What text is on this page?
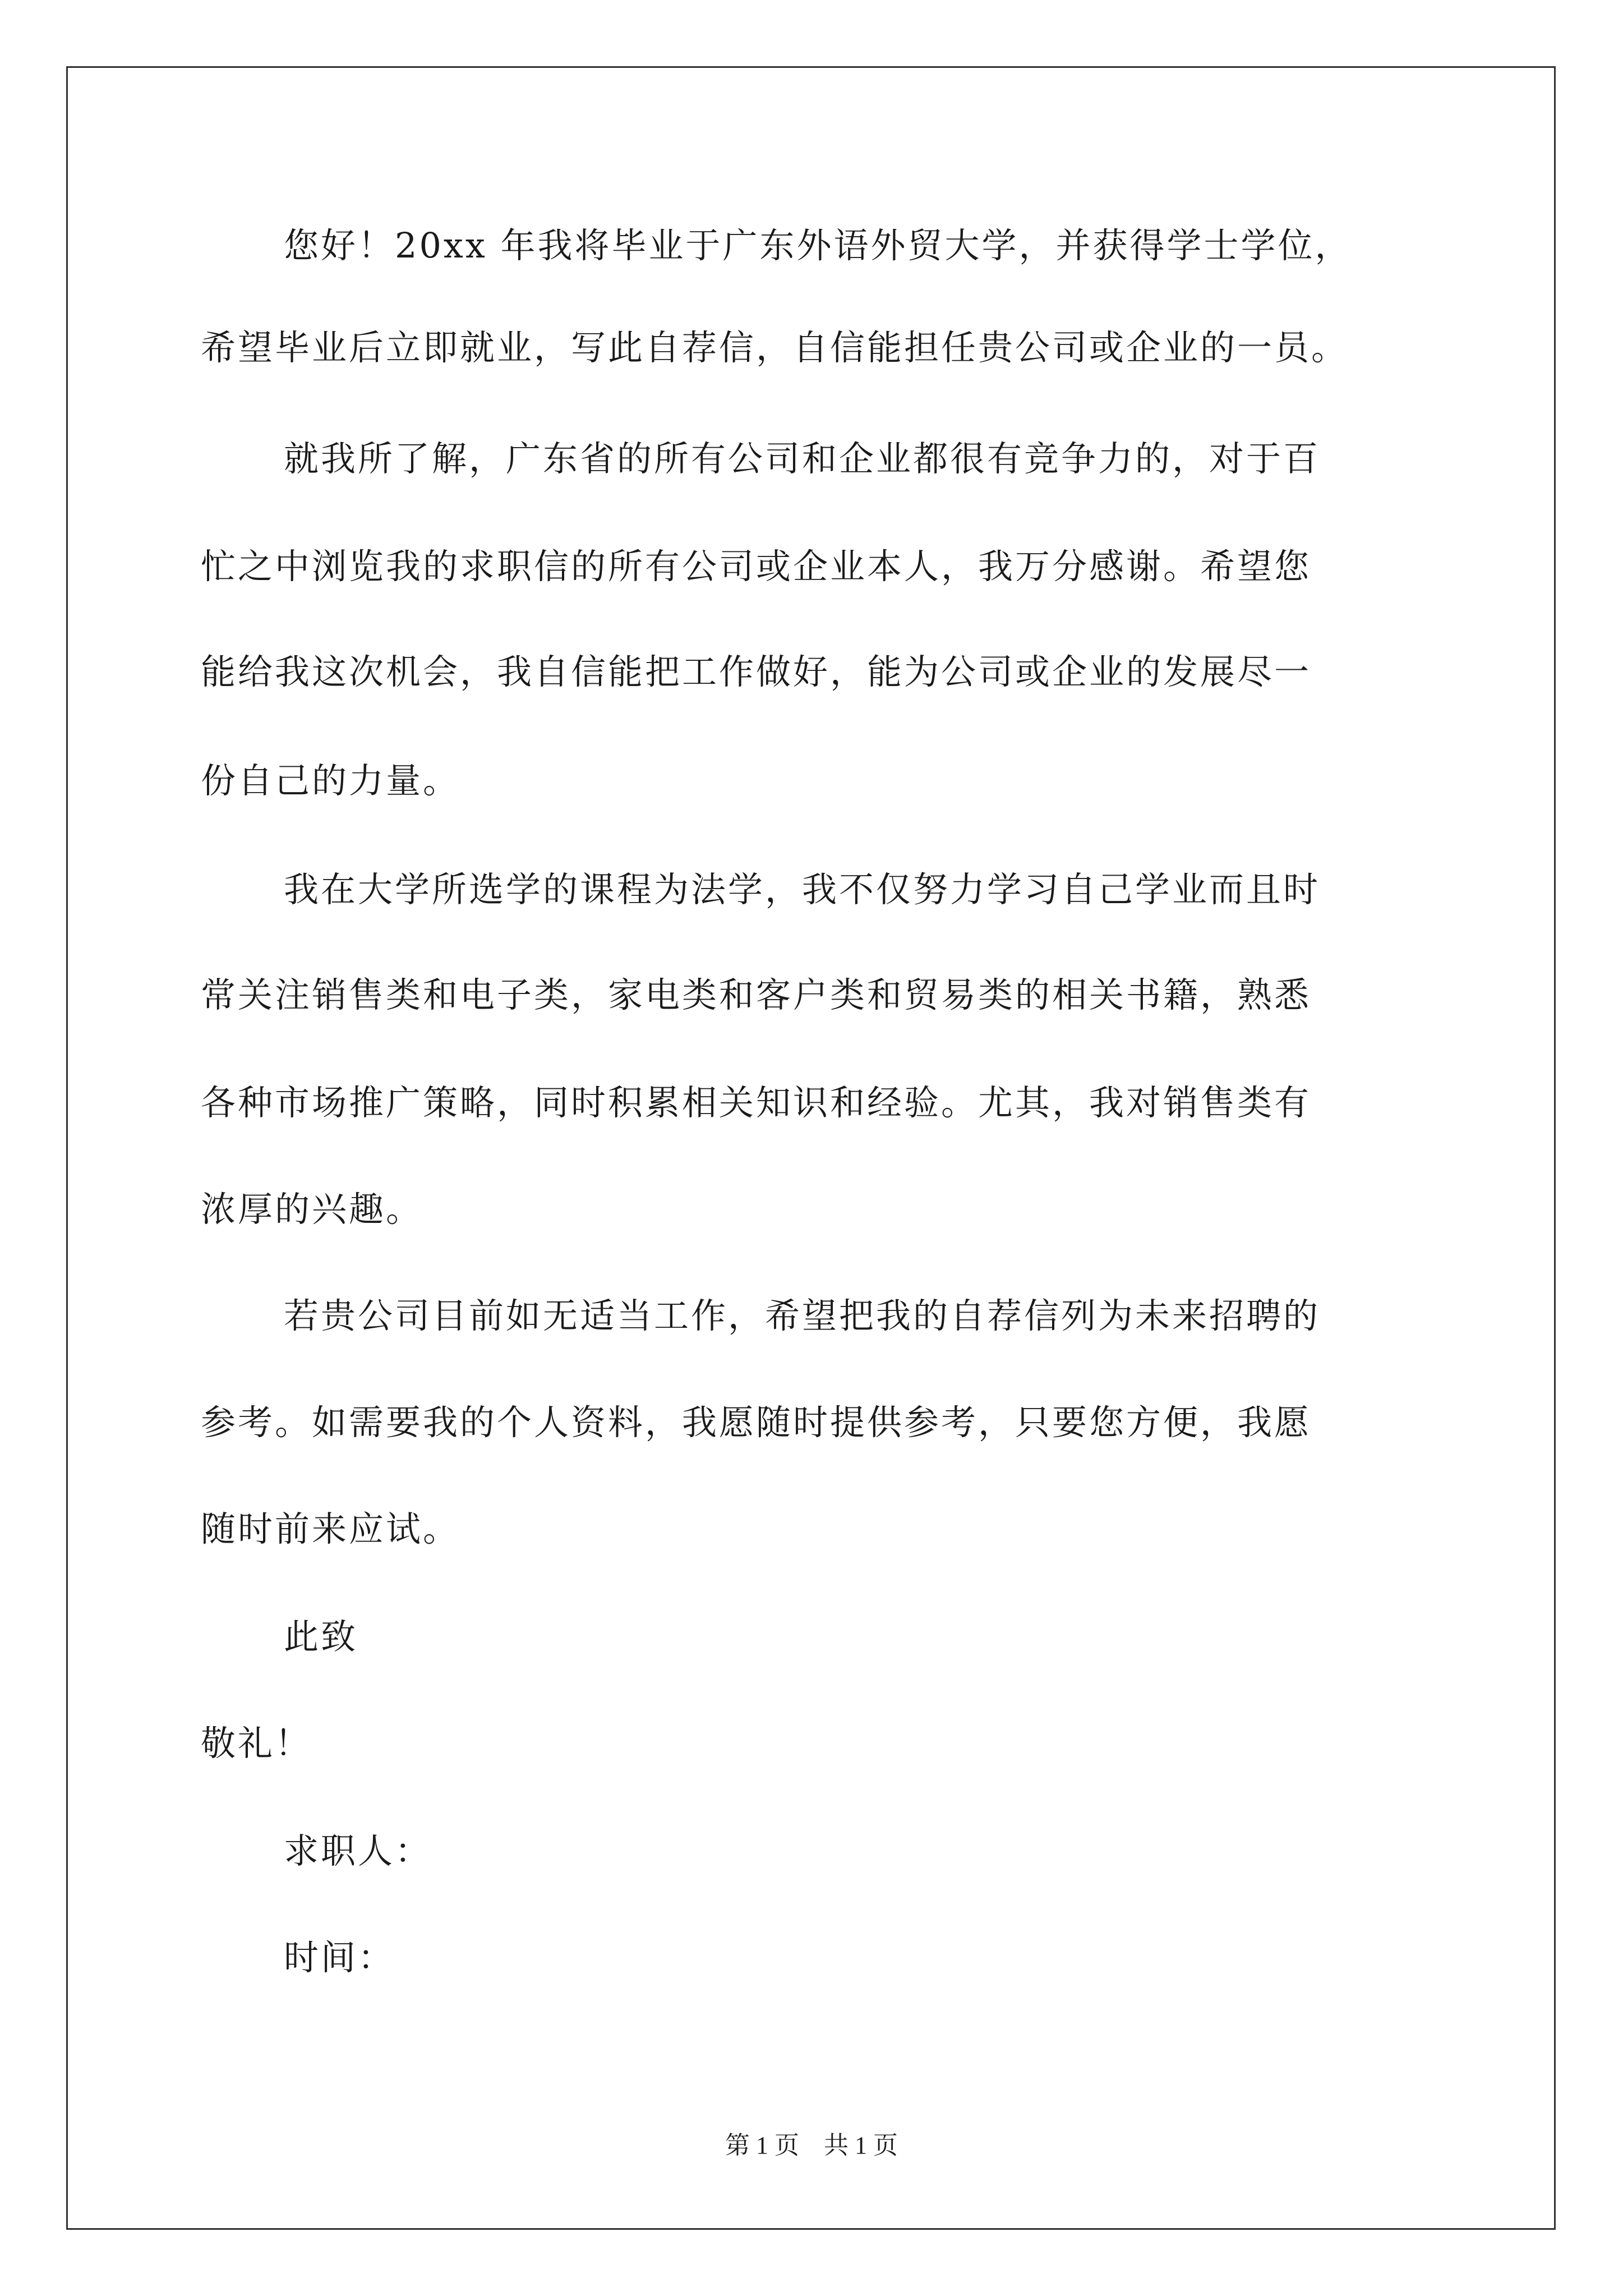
您好！20xx 年我将毕业于广东外语外贸大学，并获得学士学位，
希望毕业后立即就业，写此自荐信，自信能担任贵公司或企业的一员。
就我所了解，广东省的所有公司和企业都很有竞争力的，对于百
忙之中浏览我的求职信的所有公司或企业本人，我万分感谢。希望您
能给我这次机会，我自信能把工作做好，能为公司或企业的发展尽一
份自己的力量。
我在大学所选学的课程为法学，我不仅努力学习自己学业而且时
常关注销售类和电子类，家电类和客户类和贸易类的相关书籍，熟悉
各种市场推广策略，同时积累相关知识和经验。尤其，我对销售类有
浓厚的兴趣。
若贵公司目前如无适当工作，希望把我的自荐信列为未来招聘的
参考。如需要我的个人资料，我愿随时提供参考，只要您方便，我愿
随时前来应试。
此致
敬礼！
求职人：
时间：
第 1 页　共 1 页
